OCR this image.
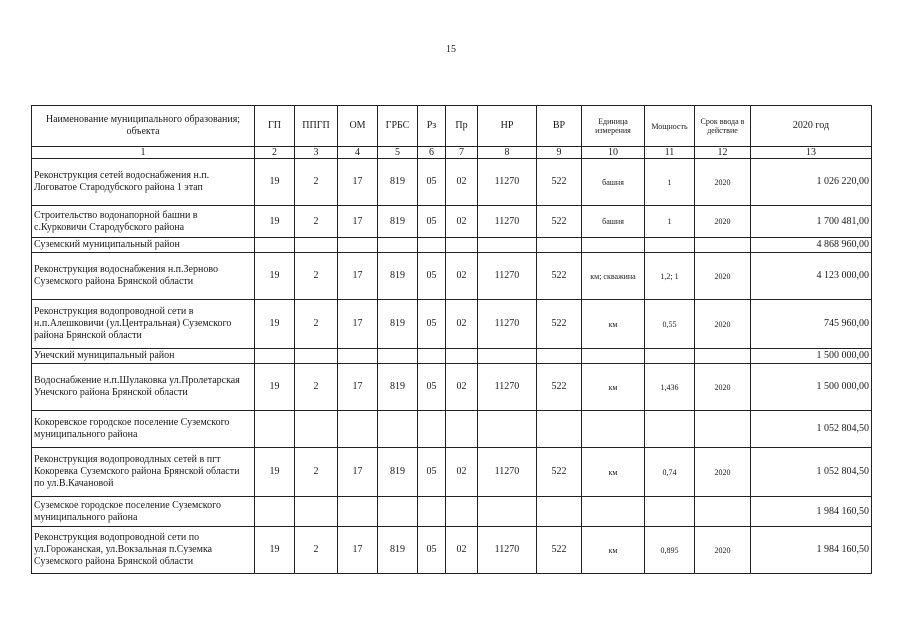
15
Наименование муниципального образования; объекта	ГП	ППГП	ОМ	ГРБС	Рз	Пр	НР	ВР	Единица измерения	Мощность	Срок ввода в действие	2020 год
1	2	3	4	5	6	7	8	9	10	11	12	13
Реконструкция сетей водоснабжения н.п. Логоватое Стародубского района 1 этап	19	2	17	819	05	02	11270	522	башня	1	2020	1 026 220,00
Строительство водонапорной башни в с.Курковичи Стародубского района	19	2	17	819	05	02	11270	522	башня	1	2020	1 700 481,00
Суземский муниципальный район												4 868 960,00
Реконструкция водоснабжения н.п.Зерново Суземского района Брянской области	19	2	17	819	05	02	11270	522	км; скважина	1,2; 1	2020	4 123 000,00
Реконструкция водопроводной сети в н.п.Алешковичи (ул.Центральная) Суземского района Брянской области	19	2	17	819	05	02	11270	522	км	0,55	2020	745 960,00
Унечский муниципальный район												1 500 000,00
Водоснабжение н.п.Шулаковка ул.Пролетарская Унечского района Брянской области	19	2	17	819	05	02	11270	522	км	1,436	2020	1 500 000,00
Кокоревское городское поселение Суземского муниципального района												1 052 804,50
Реконструкция водопроводлных сетей в пгт Кокоревка Суземского района Брянской области по ул.В.Качановой	19	2	17	819	05	02	11270	522	км	0,74	2020	1 052 804,50
Суземское городское поселение Суземского муниципального района												1 984 160,50
Реконструкция водопроводной сети по ул.Горожанская, ул.Вокзальная п.Суземка Суземского района Брянской области	19	2	17	819	05	02	11270	522	км	0,895	2020	1 984 160,50
